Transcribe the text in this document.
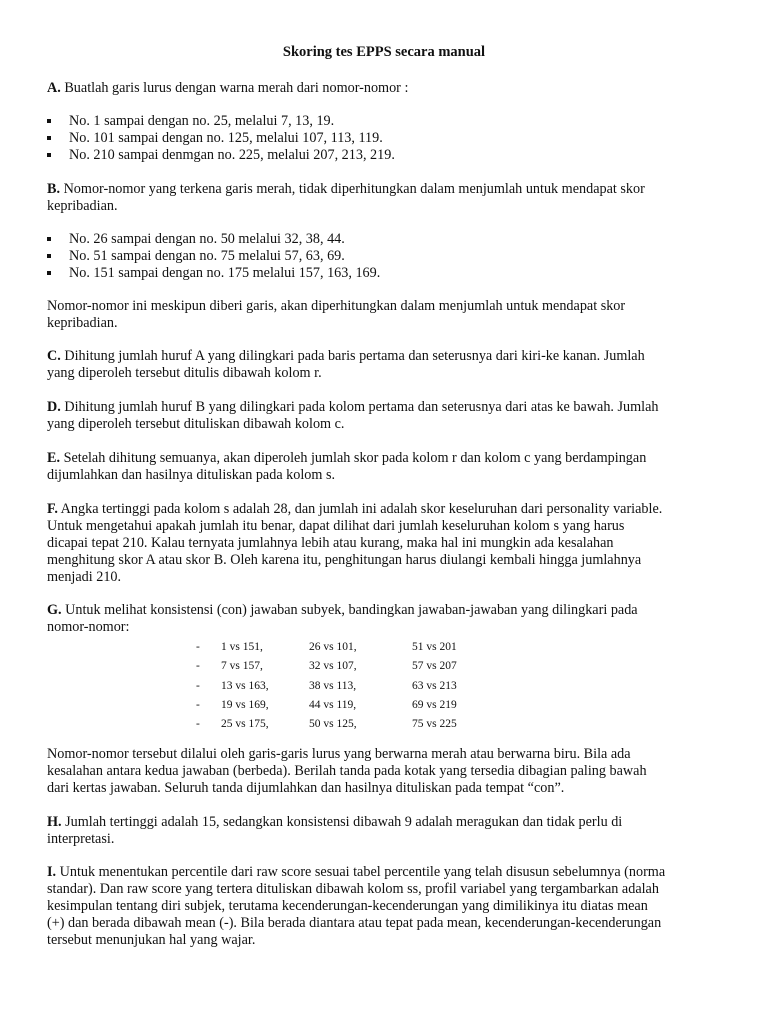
Skoring tes EPPS secara manual
A. Buatlah garis lurus dengan warna merah dari nomor-nomor :
No. 1 sampai dengan no. 25, melalui 7, 13, 19.
No. 101 sampai dengan no. 125, melalui 107, 113, 119.
No. 210 sampai denmgan no. 225, melalui 207, 213, 219.
B. Nomor-nomor yang terkena garis merah, tidak diperhitungkan dalam menjumlah untuk mendapat skor
kepribadian.
No. 26 sampai dengan no. 50 melalui 32, 38, 44.
No. 51 sampai dengan no. 75 melalui 57, 63, 69.
No. 151 sampai dengan no. 175 melalui 157, 163, 169.
Nomor-nomor ini meskipun diberi garis, akan diperhitungkan dalam menjumlah untuk mendapat skor
kepribadian.
C. Dihitung jumlah huruf A yang dilingkari pada baris pertama dan seterusnya dari kiri-ke kanan. Jumlah
yang diperoleh tersebut ditulis dibawah kolom r.
D. Dihitung jumlah huruf B yang dilingkari pada kolom pertama dan seterusnya dari atas ke bawah. Jumlah
yang diperoleh tersebut dituliskan dibawah kolom c.
E. Setelah dihitung semuanya, akan diperoleh jumlah skor pada kolom r dan kolom c yang berdampingan
dijumlahkan dan hasilnya dituliskan pada kolom s.
F. Angka tertinggi pada kolom s adalah 28, dan jumlah ini adalah skor keseluruhan dari personality variable.
Untuk mengetahui apakah jumlah itu benar, dapat dilihat dari jumlah keseluruhan kolom s yang harus
dicapai tepat 210. Kalau ternyata jumlahnya lebih atau kurang, maka hal ini mungkin ada kesalahan
menghitung skor A atau skor B. Oleh karena itu, penghitungan harus diulangi kembali hingga jumlahnya
menjadi 210.
G. Untuk melihat konsistensi (con) jawaban subyek, bandingkan jawaban-jawaban yang dilingkari pada
nomor-nomor:
- 1 vs 151,	26 vs 101,	51 vs 201
- 7 vs 157,	32 vs 107,	57 vs 207
- 13 vs 163,	38 vs 113,	63 vs 213
- 19 vs 169,	44 vs 119,	69 vs 219
- 25 vs 175,	50 vs 125,	75 vs 225
Nomor-nomor tersebut dilalui oleh garis-garis lurus yang berwarna merah atau berwarna biru. Bila ada
kesalahan antara kedua jawaban (berbeda). Berilah tanda pada kotak yang tersedia dibagian paling bawah
dari kertas jawaban. Seluruh tanda dijumlahkan dan hasilnya dituliskan pada tempat “con”.
H. Jumlah tertinggi adalah 15, sedangkan konsistensi dibawah 9 adalah meragukan dan tidak perlu di
interpretasi.
I. Untuk menentukan percentile dari raw score sesuai tabel percentile yang telah disusun sebelumnya (norma
standar). Dan raw score yang tertera dituliskan dibawah kolom ss, profil variabel yang tergambarkan adalah
kesimpulan tentang diri subjek, terutama kecenderungan-kecenderungan yang dimilikinya itu diatas mean
(+) dan berada dibawah mean (-). Bila berada diantara atau tepat pada mean, kecenderungan-kecenderungan
tersebut menunjukan hal yang wajar.
